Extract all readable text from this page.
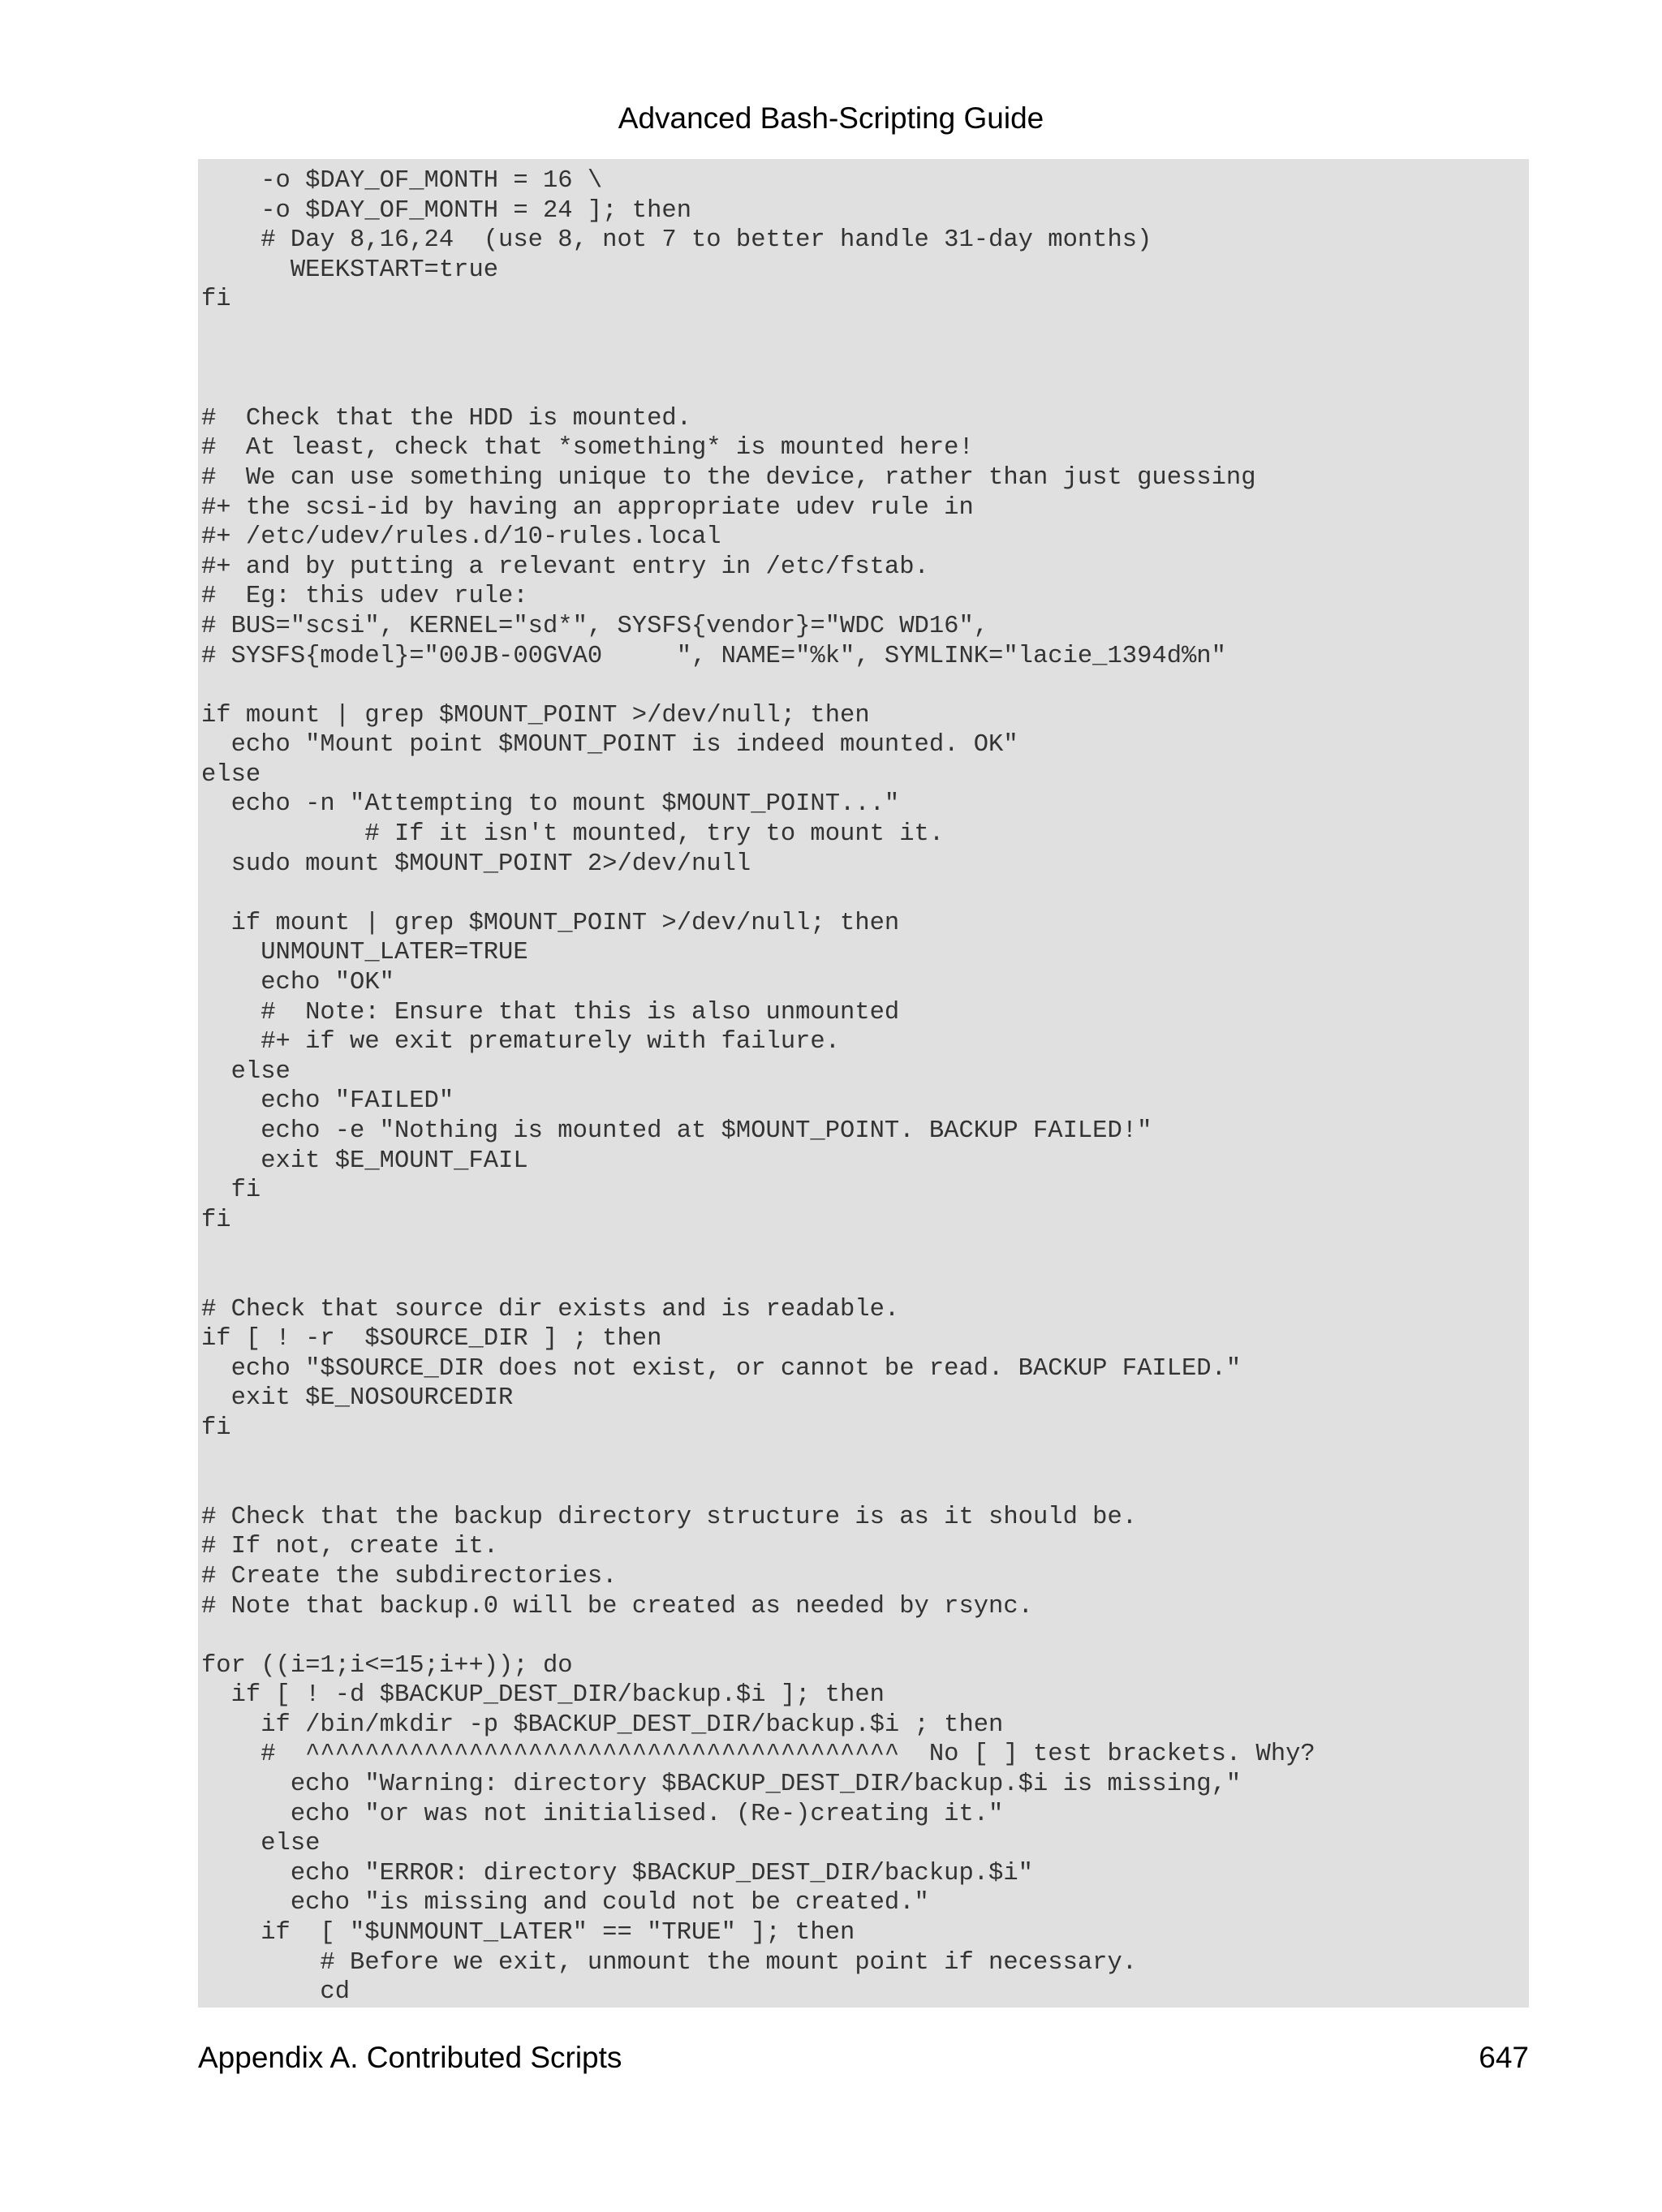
Advanced Bash-Scripting Guide
-o $DAY_OF_MONTH = 16 \
-o $DAY_OF_MONTH = 24 ]; then
# Day 8,16,24  (use 8, not 7 to better handle 31-day months)
WEEKSTART=true
fi
#  Check that the HDD is mounted.
#  At least, check that *something* is mounted here!
#  We can use something unique to the device, rather than just guessing
#+ the scsi-id by having an appropriate udev rule in
#+ /etc/udev/rules.d/10-rules.local
#+ and by putting a relevant entry in /etc/fstab.
#  Eg: this udev rule:
# BUS="scsi", KERNEL="sd*", SYSFS{vendor}="WDC WD16",
# SYSFS{model}="00JB-00GVA0     ", NAME="%k", SYMLINK="lacie_1394d%n"
if mount | grep $MOUNT_POINT >/dev/null; then
echo "Mount point $MOUNT_POINT is indeed mounted. OK"
else
echo -n "Attempting to mount $MOUNT_POINT..."
# If it isn't mounted, try to mount it.
sudo mount $MOUNT_POINT 2>/dev/null
if mount | grep $MOUNT_POINT >/dev/null; then
UNMOUNT_LATER=TRUE
echo "OK"
#  Note: Ensure that this is also unmounted
#+ if we exit prematurely with failure.
else
echo "FAILED"
echo -e "Nothing is mounted at $MOUNT_POINT. BACKUP FAILED!"
exit $E_MOUNT_FAIL
fi
fi
# Check that source dir exists and is readable.
if [ ! -r  $SOURCE_DIR ] ; then
echo "$SOURCE_DIR does not exist, or cannot be read. BACKUP FAILED."
exit $E_NOSOURCEDIR
fi
# Check that the backup directory structure is as it should be.
# If not, create it.
# Create the subdirectories.
# Note that backup.0 will be created as needed by rsync.
for ((i=1;i<=15;i++)); do
if [ ! -d $BACKUP_DEST_DIR/backup.$i ]; then
if /bin/mkdir -p $BACKUP_DEST_DIR/backup.$i ; then
#  ^^^^^^^^^^^^^^^^^^^^^^^^^^^^^^^^^^^^^^^^  No [ ] test brackets. Why?
echo "Warning: directory $BACKUP_DEST_DIR/backup.$i is missing,"
echo "or was not initialised. (Re-)creating it."
else
echo "ERROR: directory $BACKUP_DEST_DIR/backup.$i"
echo "is missing and could not be created."
if  [ "$UNMOUNT_LATER" == "TRUE" ]; then
# Before we exit, unmount the mount point if necessary.
cd
Appendix A. Contributed Scripts	647
